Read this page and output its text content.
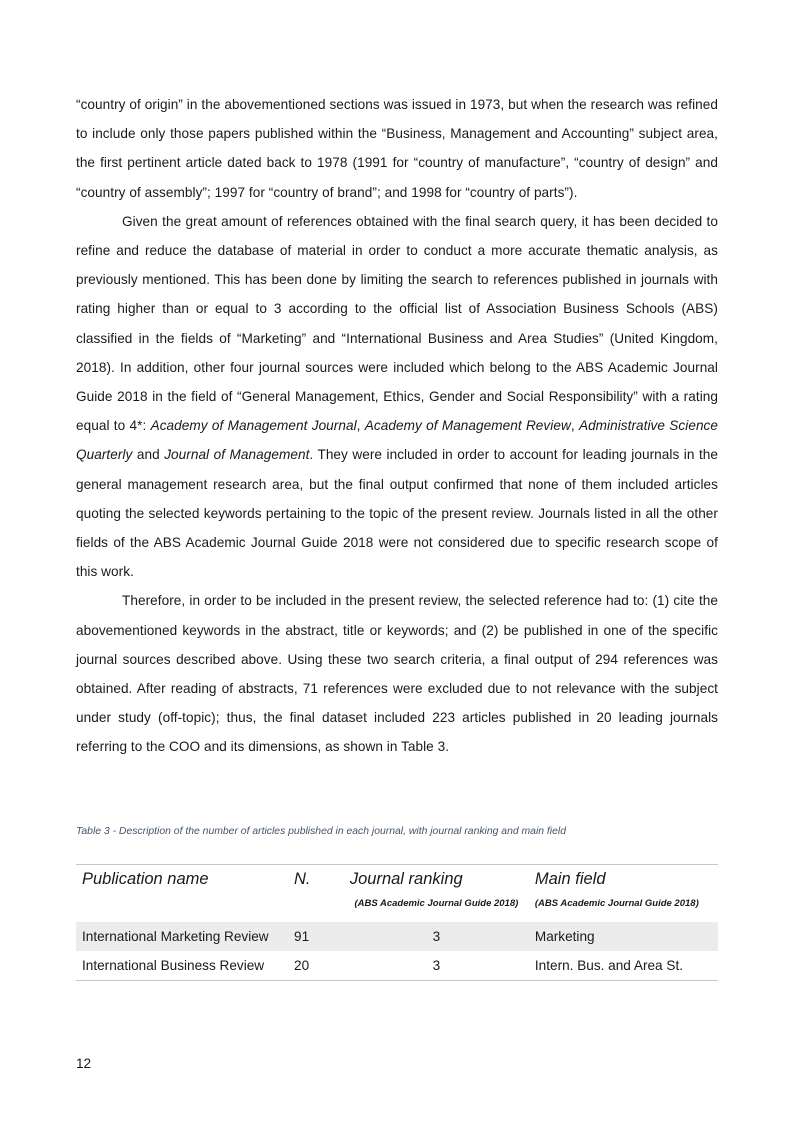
“country of origin” in the abovementioned sections was issued in 1973, but when the research was refined to include only those papers published within the “Business, Management and Accounting” subject area, the first pertinent article dated back to 1978 (1991 for “country of manufacture”, “country of design” and “country of assembly”; 1997 for “country of brand”; and 1998 for “country of parts”).

Given the great amount of references obtained with the final search query, it has been decided to refine and reduce the database of material in order to conduct a more accurate thematic analysis, as previously mentioned. This has been done by limiting the search to references published in journals with rating higher than or equal to 3 according to the official list of Association Business Schools (ABS) classified in the fields of “Marketing” and “International Business and Area Studies” (United Kingdom, 2018). In addition, other four journal sources were included which belong to the ABS Academic Journal Guide 2018 in the field of “General Management, Ethics, Gender and Social Responsibility” with a rating equal to 4*: Academy of Management Journal, Academy of Management Review, Administrative Science Quarterly and Journal of Management. They were included in order to account for leading journals in the general management research area, but the final output confirmed that none of them included articles quoting the selected keywords pertaining to the topic of the present review. Journals listed in all the other fields of the ABS Academic Journal Guide 2018 were not considered due to specific research scope of this work.

Therefore, in order to be included in the present review, the selected reference had to: (1) cite the abovementioned keywords in the abstract, title or keywords; and (2) be published in one of the specific journal sources described above. Using these two search criteria, a final output of 294 references was obtained. After reading of abstracts, 71 references were excluded due to not relevance with the subject under study (off-topic); thus, the final dataset included 223 articles published in 20 leading journals referring to the COO and its dimensions, as shown in Table 3.

Table 3 - Description of the number of articles published in each journal, with journal ranking and main field

Publication name	N.	Journal ranking	Main field
		(ABS Academic Journal Guide 2018)	(ABS Academic Journal Guide 2018)
International Marketing Review	91	3	Marketing
International Business Review	20	3	Intern. Bus. and Area St.

12
